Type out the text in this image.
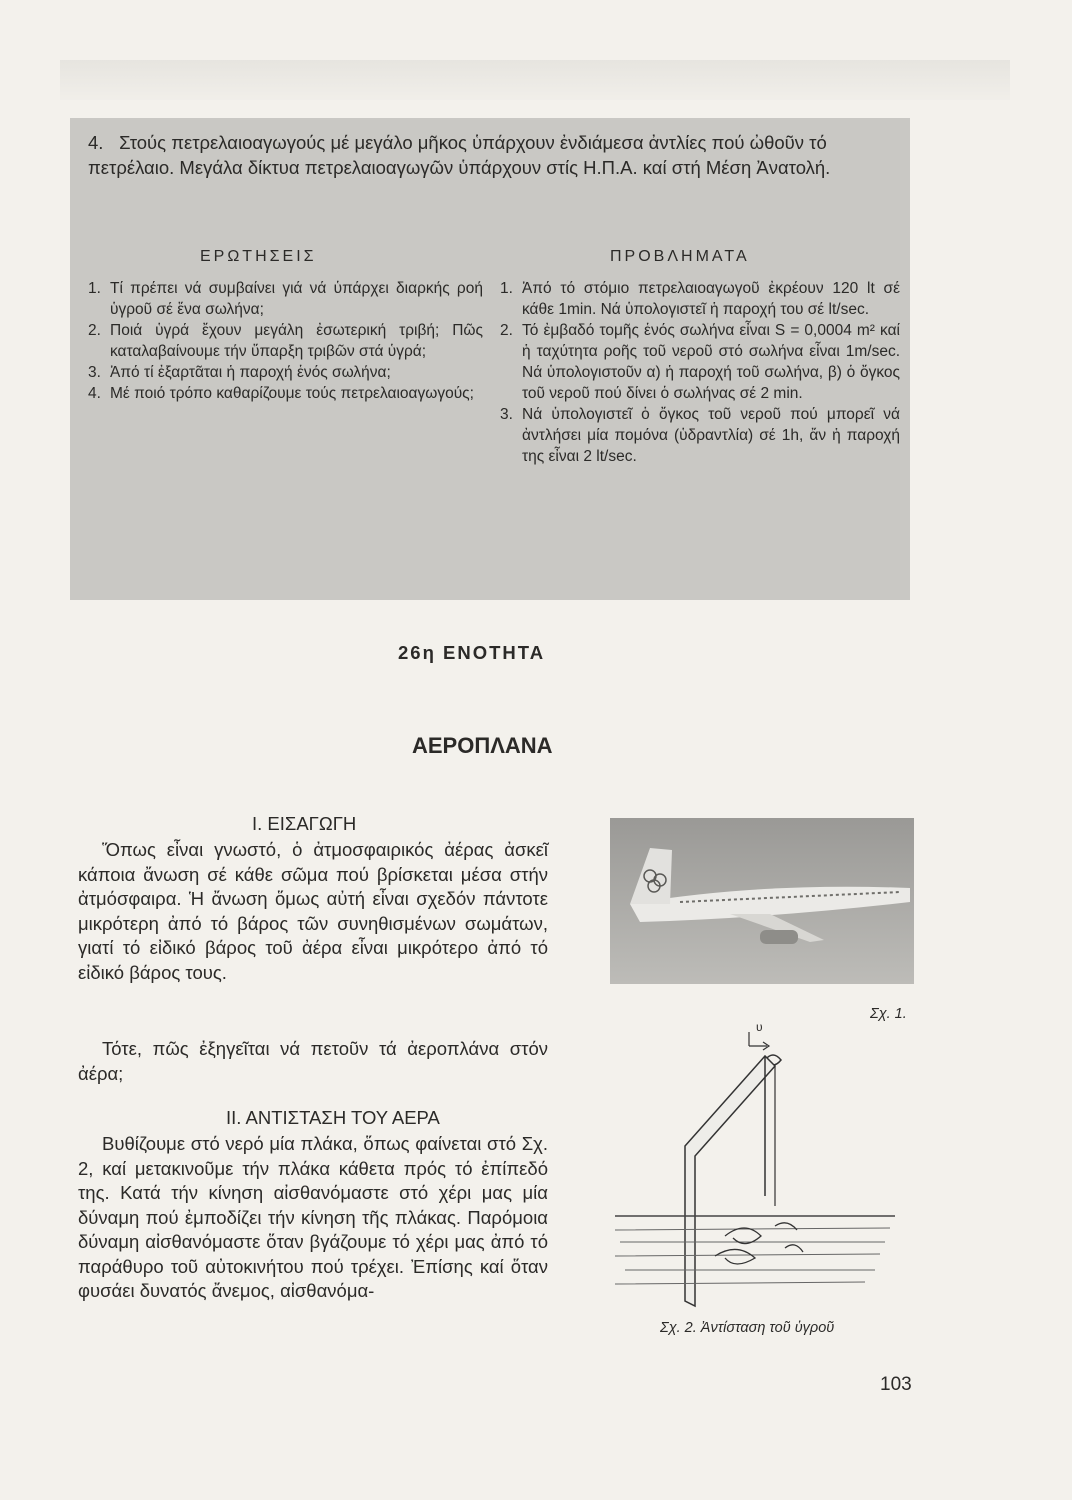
4. Στούς πετρελαιοαγωγούς μέ μεγάλο μῆκος ὑπάρχουν ἐνδιάμεσα ἀντλίες πού ὠθοῦν τό πετρέλαιο. Μεγάλα δίκτυα πετρελαιοαγωγῶν ὑπάρχουν στίς Η.Π.Α. καί στή Μέση Ἀνατολή.
ΕΡΩΤΗΣΕΙΣ	ΠΡΟΒΛΗΜΑΤΑ
1. Τί πρέπει νά συμβαίνει γιά νά ὑπάρχει διαρκής ροή ὑγροῦ σέ ἕνα σωλήνα;
2. Ποιά ὑγρά ἔχουν μεγάλη ἐσωτερική τριβή; Πῶς καταλαβαίνουμε τήν ὕπαρξη τριβῶν στά ὑγρά;
3. Ἀπό τί ἐξαρτᾶται ἡ παροχή ἑνός σωλήνα;
4. Μέ ποιό τρόπο καθαρίζουμε τούς πετρελαιοαγωγούς;
1. Ἀπό τό στόμιο πετρελαιοαγωγοῦ ἐκρέουν 120 lt σέ κάθε 1min. Νά ὑπολογιστεῖ ἡ παροχή του σέ lt/sec.
2. Τό ἐμβαδό τομῆς ἑνός σωλήνα εἶναι S = 0,0004 m² καί ἡ ταχύτητα ροῆς τοῦ νεροῦ στό σωλήνα εἶναι 1m/sec. Νά ὑπολογιστοῦν α) ἡ παροχή τοῦ σωλήνα, β) ὁ ὄγκος τοῦ νεροῦ πού δίνει ὁ σωλήνας σέ 2 min.
3. Νά ὑπολογιστεῖ ὁ ὄγκος τοῦ νεροῦ πού μπορεῖ νά ἀντλήσει μία πομόνα (ὑδραντλία) σέ 1h, ἄν ἡ παροχή της εἶναι 2 lt/sec.
26η ΕΝΟΤΗΤΑ
ΑΕΡΟΠΛΑΝΑ
Ι. ΕΙΣΑΓΩΓΗ
Ὅπως εἶναι γνωστό, ὁ ἀτμοσφαιρικός ἀέρας ἀσκεῖ κάποια ἄνωση σέ κάθε σῶμα πού βρίσκεται μέσα στήν ἀτμόσφαιρα. Ἡ ἄνωση ὅμως αὐτή εἶναι σχεδόν πάντοτε μικρότερη ἀπό τό βάρος τῶν συνηθισμένων σωμάτων, γιατί τό εἰδικό βάρος τοῦ ἀέρα εἶναι μικρότερο ἀπό τό εἰδικό βάρος τους.
Τότε, πῶς ἐξηγεῖται νά πετοῦν τά ἀεροπλάνα στόν ἀέρα;
ΙΙ. ΑΝΤΙΣΤΑΣΗ ΤΟΥ ΑΕΡΑ
Βυθίζουμε στό νερό μία πλάκα, ὅπως φαίνεται στό Σχ. 2, καί μετακινοῦμε τήν πλάκα κάθετα πρός τό ἐπίπεδό της. Κατά τήν κίνηση αἰσθανόμαστε στό χέρι μας μία δύναμη πού ἐμποδίζει τήν κίνηση τῆς πλάκας. Παρόμοια δύναμη αἰσθανόμαστε ὅταν βγάζουμε τό χέρι μας ἀπό τό παράθυρο τοῦ αὐτοκινήτου πού τρέχει. Ἐπίσης καί ὅταν φυσάει δυνατός ἄνεμος, αἰσθανόμα-
Σχ. 1.
υ
Σχ. 2. Ἀντίσταση τοῦ ὑγροῦ
103
